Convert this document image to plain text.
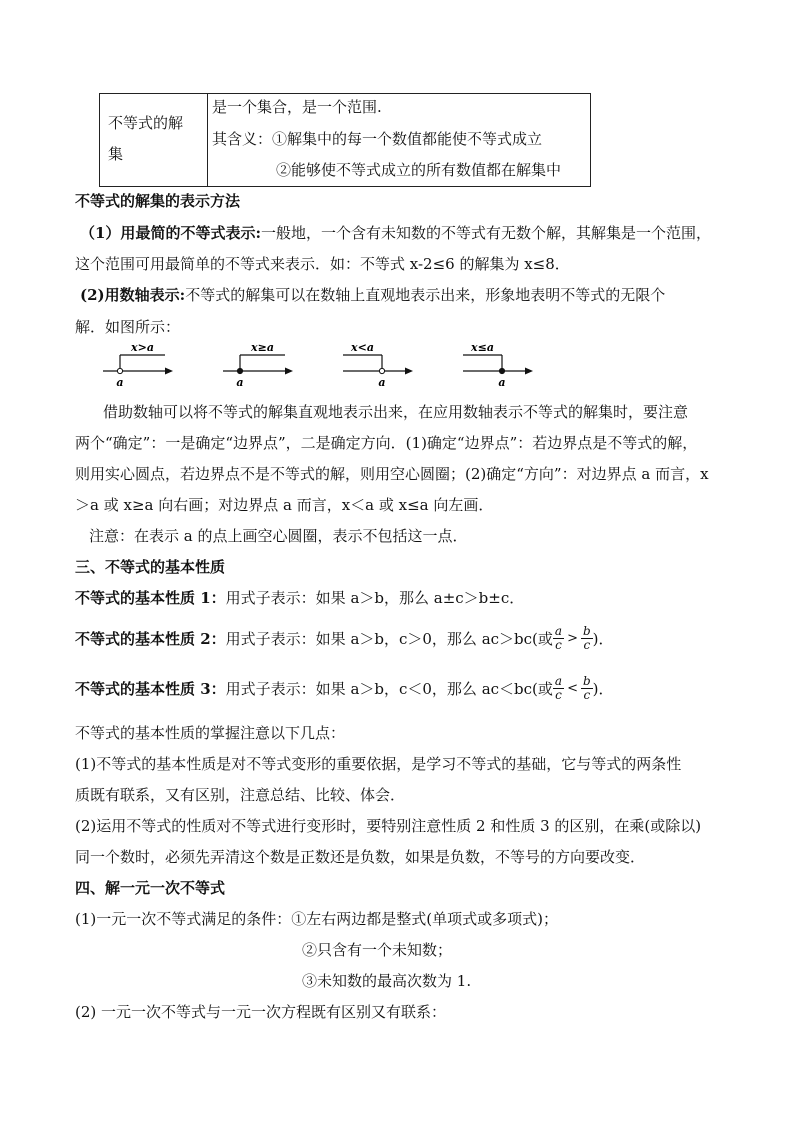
不等式的解
集
是一个集合，是一个范围.
其含义：①解集中的每一个数值都能使不等式成立
②能够使不等式成立的所有数值都在解集中
不等式的解集的表示方法
（1）用最简的不等式表示:一般地，一个含有未知数的不等式有无数个解，其解集是一个范围，
这个范围可用最简单的不等式来表示．如：不等式 x-2≤6 的解集为 x≤8．
(2)用数轴表示:不等式的解集可以在数轴上直观地表示出来，形象地表明不等式的无限个
解．如图所示：
x>a
a
x≥a
a
x<a
a
x≤a
a
借助数轴可以将不等式的解集直观地表示出来，在应用数轴表示不等式的解集时，要注意
两个“确定”：一是确定“边界点”，二是确定方向．(1)确定“边界点”：若边界点是不等式的解，
则用实心圆点，若边界点不是不等式的解，则用空心圆圈；(2)确定“方向”：对边界点 a 而言，x
＞a 或 x≥a 向右画；对边界点 a 而言，x＜a 或 x≤a 向左画．
注意：在表示 a 的点上画空心圆圈，表示不包括这一点．
三、不等式的基本性质
不等式的基本性质 1：用式子表示：如果 a＞b，那么 a±c＞b±c．
不等式的基本性质 2： 用式子表示：如果 a＞b，c＞0，那么 ac＞bc(或 $\frac{a}{c} > \frac{b}{c}$ )．
不等式的基本性质 3： 用式子表示：如果 a＞b，c＜0，那么 ac＜bc(或 $\frac{a}{c} < \frac{b}{c}$ )．
不等式的基本性质的掌握注意以下几点：
(1)不等式的基本性质是对不等式变形的重要依据，是学习不等式的基础，它与等式的两条性
质既有联系，又有区别，注意总结、比较、体会．
(2)运用不等式的性质对不等式进行变形时，要特别注意性质 2 和性质 3 的区别，在乘(或除以)
同一个数时，必须先弄清这个数是正数还是负数，如果是负数，不等号的方向要改变．
四、解一元一次不等式
(1)一元一次不等式满足的条件：①左右两边都是整式(单项式或多项式)；
②只含有一个未知数；
③未知数的最高次数为 1.
(2) 一元一次不等式与一元一次方程既有区别又有联系：
